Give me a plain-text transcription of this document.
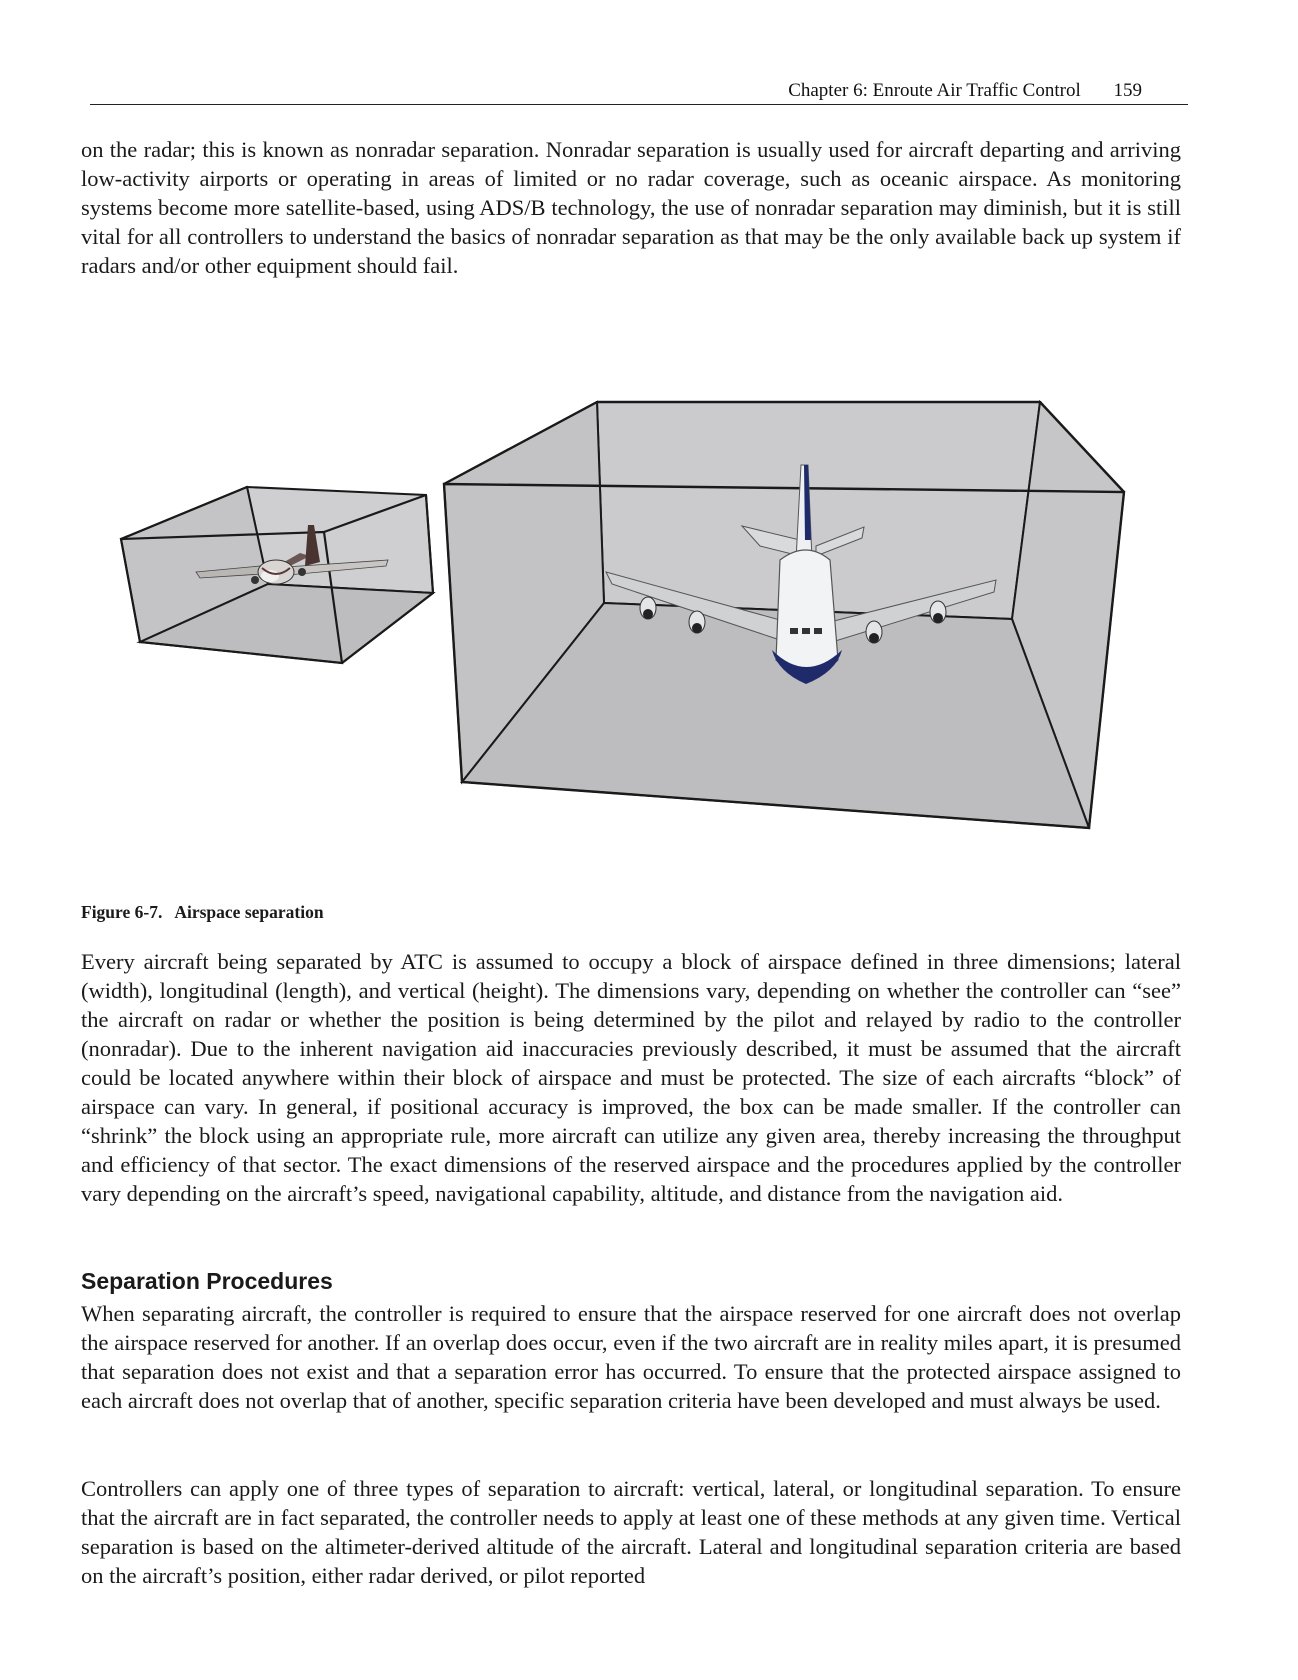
Chapter 6: Enroute Air Traffic Control 159

on the radar; this is known as nonradar separation. Nonradar separation is usually used for aircraft departing and arriving low-activity airports or operating in areas of limited or no radar coverage, such as oceanic airspace. As monitoring systems become more satellite-based, using ADS/B technology, the use of nonradar separation may diminish, but it is still vital for all controllers to understand the basics of nonradar separation as that may be the only available back up system if radars and/or other equipment should fail.

Figure 6-7. Airspace separation

Every aircraft being separated by ATC is assumed to occupy a block of airspace defined in three dimensions; lateral (width), longitudinal (length), and vertical (height). The dimensions vary, depending on whether the controller can “see” the aircraft on radar or whether the position is being determined by the pilot and relayed by radio to the controller (nonradar). Due to the inherent navigation aid inaccuracies previously described, it must be assumed that the aircraft could be located anywhere within their block of airspace and must be protected. The size of each aircrafts “block” of airspace can vary. In general, if positional accuracy is improved, the box can be made smaller. If the controller can “shrink” the block using an appropriate rule, more aircraft can utilize any given area, thereby increasing the throughput and efficiency of that sector. The exact dimensions of the reserved airspace and the procedures applied by the controller vary depending on the aircraft’s speed, navigational capability, altitude, and distance from the navigation aid.

Separation Procedures

When separating aircraft, the controller is required to ensure that the airspace reserved for one aircraft does not overlap the airspace reserved for another. If an overlap does occur, even if the two aircraft are in reality miles apart, it is presumed that separation does not exist and that a separation error has occurred. To ensure that the protected airspace assigned to each aircraft does not overlap that of another, specific separation criteria have been developed and must always be used.

Controllers can apply one of three types of separation to aircraft: vertical, lateral, or longitudinal separation. To ensure that the aircraft are in fact separated, the controller needs to apply at least one of these methods at any given time. Vertical separation is based on the altimeter-derived altitude of the aircraft. Lateral and longitudinal separation criteria are based on the aircraft’s position, either radar derived, or pilot reported
